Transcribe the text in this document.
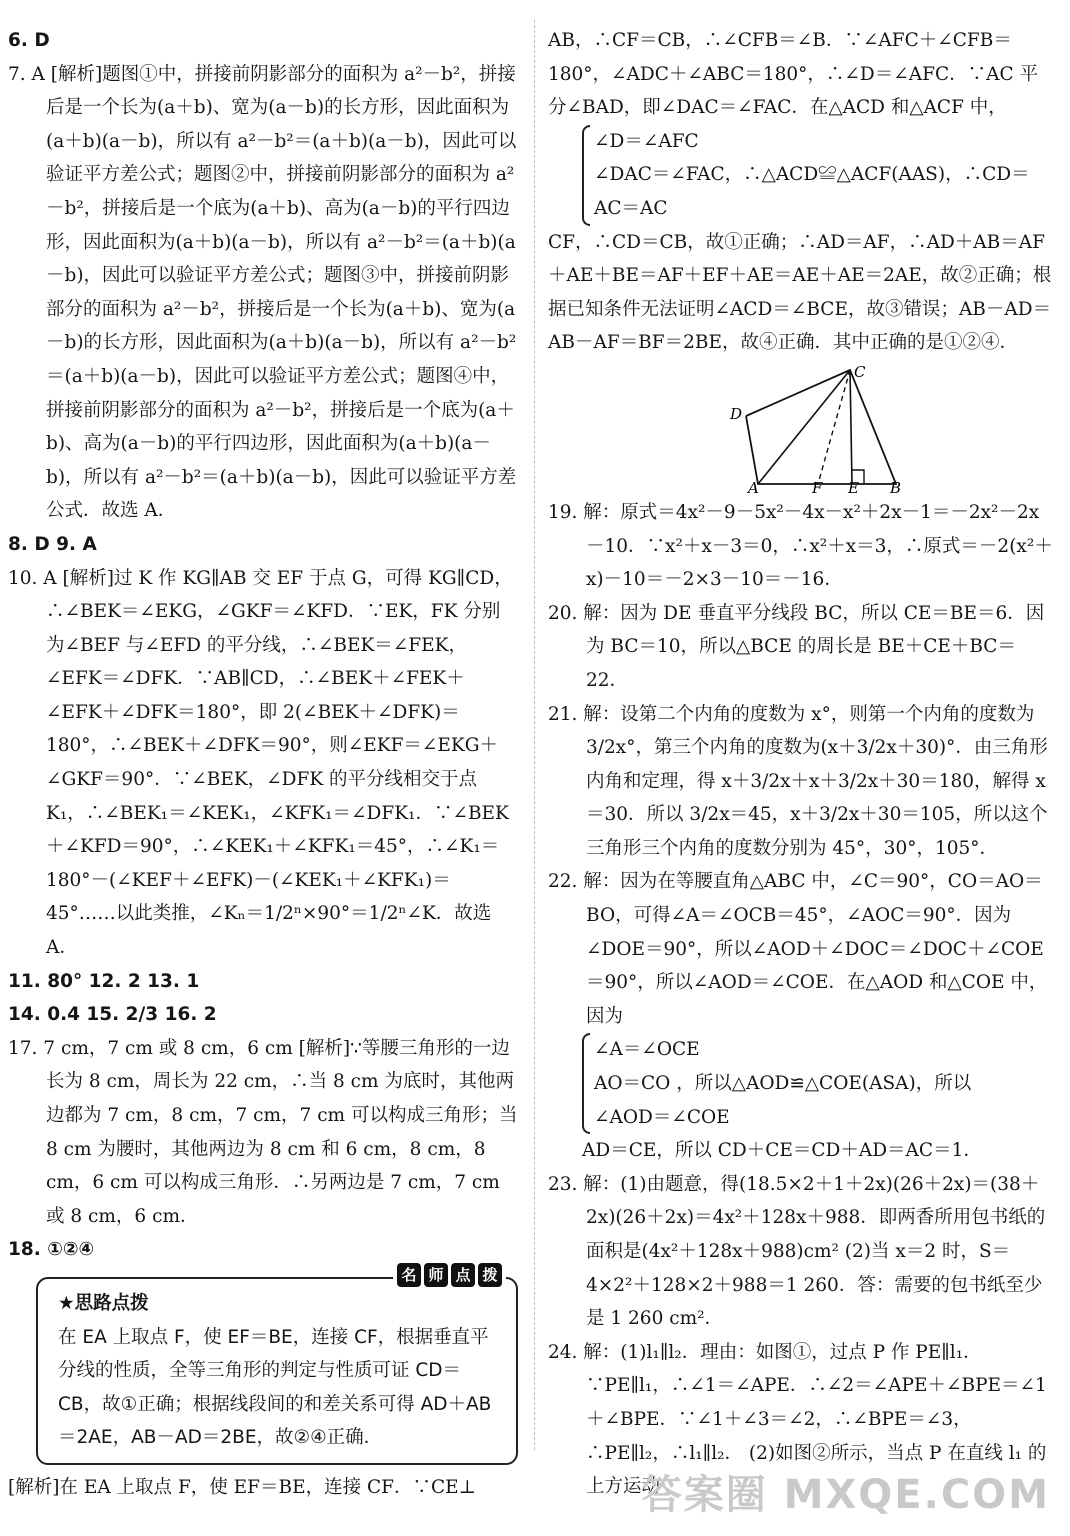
6. D

7. A [解析]题图①中，拼接前阴影部分的面积为 a²－b²，拼接后是一个长为(a＋b)、宽为(a－b)的长方形，因此面积为(a＋b)(a－b)，所以有 a²－b²＝(a＋b)(a－b)，因此可以验证平方差公式；题图②中，拼接前阴影部分的面积为 a²－b²，拼接后是一个底为(a＋b)、高为(a－b)的平行四边形，因此面积为(a＋b)(a－b)，所以有 a²－b²＝(a＋b)(a－b)，因此可以验证平方差公式；题图③中，拼接前阴影部分的面积为 a²－b²，拼接后是一个长为(a＋b)、宽为(a－b)的长方形，因此面积为(a＋b)(a－b)，所以有 a²－b²＝(a＋b)(a－b)，因此可以验证平方差公式；题图④中，拼接前阴影部分的面积为 a²－b²，拼接后是一个底为(a＋b)、高为(a－b)的平行四边形，因此面积为(a＋b)(a－b)，所以有 a²－b²＝(a＋b)(a－b)，因此可以验证平方差公式．故选 A．

8. D 9. A

10. A [解析]过 K 作 KG∥AB 交 EF 于点 G，可得 KG∥CD，∴∠BEK＝∠EKG，∠GKF＝∠KFD．∵EK，FK 分别为∠BEF 与∠EFD 的平分线，∴∠BEK＝∠FEK，∠EFK＝∠DFK．∵AB∥CD，∴∠BEK＋∠FEK＋∠EFK＋∠DFK＝180°，即 2(∠BEK＋∠DFK)＝180°，∴∠BEK＋∠DFK＝90°，则∠EKF＝∠EKG＋∠GKF＝90°．∵∠BEK，∠DFK 的平分线相交于点 K₁，∴∠BEK₁＝∠KEK₁，∠KFK₁＝∠DFK₁．∵∠BEK＋∠KFD＝90°，∴∠KEK₁＋∠KFK₁＝45°，∴∠K₁＝180°－(∠KEF＋∠EFK)－(∠KEK₁＋∠KFK₁)＝45°……以此类推，∠Kₙ＝1/2ⁿ×90°＝1/2ⁿ∠K．故选 A．

11. 80° 12. 2 13. 1

14. 0.4 15. 2/3 16. 2

17. 7 cm，7 cm 或 8 cm，6 cm [解析]∵等腰三角形的一边长为 8 cm，周长为 22 cm，∴当 8 cm 为底时，其他两边都为 7 cm，8 cm，7 cm，7 cm 可以构成三角形；当 8 cm 为腰时，其他两边为 8 cm 和 6 cm，8 cm，8 cm，6 cm 可以构成三角形．∴另两边是 7 cm，7 cm 或 8 cm，6 cm．

18. ①②④

名 师 点 拨
★思路点拨
在 EA 上取点 F，使 EF＝BE，连接 CF，根据垂直平分线的性质，全等三角形的判定与性质可证 CD＝CB，故①正确；根据线段间的和差关系可得 AD＋AB＝2AE，AB－AD＝2BE，故②④正确．

[解析]在 EA 上取点 F，使 EF＝BE，连接 CF．∵CE⊥

AB，∴CF＝CB，∴∠CFB＝∠B．∵∠AFC＋∠CFB＝180°，∠ADC＋∠ABC＝180°，∴∠D＝∠AFC．∵AC 平分∠BAD，即∠DAC＝∠FAC．在△ACD 和△ACF 中，

∠D＝∠AFC

∠DAC＝∠FAC，∴△ACD≌△ACF(AAS)，∴CD＝

AC＝AC

CF，∴CD＝CB，故①正确；∴AD＝AF，∴AD＋AB＝AF＋AE＋BE＝AF＋EF＋AE＝AE＋AE＝2AE，故②正确；根据已知条件无法证明∠ACD＝∠BCE，故③错误；AB－AD＝AB－AF＝BF＝2BE，故④正确．其中正确的是①②④．

C
D
A	F E B

19. 解：原式＝4x²－9－5x²－4x－x²＋2x－1＝－2x²－2x－10．∵x²＋x－3＝0，∴x²＋x＝3，∴原式＝－2(x²＋x)－10＝－2×3－10＝－16．

20. 解：因为 DE 垂直平分线段 BC，所以 CE＝BE＝6．因为 BC＝10，所以△BCE 的周长是 BE＋CE＋BC＝22．

21. 解：设第二个内角的度数为 x°，则第一个内角的度数为 3/2x°，第三个内角的度数为(x＋3/2x＋30)°．由三角形内角和定理，得 x＋3/2x＋x＋3/2x＋30＝180，解得 x＝30．所以 3/2x＝45，x＋3/2x＋30＝105，所以这个三角形三个内角的度数分别为 45°，30°，105°．

22. 解：因为在等腰直角△ABC 中，∠C＝90°，CO＝AO＝BO，可得∠A＝∠OCB＝45°，∠AOC＝90°．因为∠DOE＝90°，所以∠AOD＋∠DOC＝∠DOC＋∠COE＝90°，所以∠AOD＝∠COE．在△AOD 和△COE 中，因为

∠A＝∠OCE

AO＝CO ，所以△AOD≌△COE(ASA)，所以

∠AOD＝∠COE

AD＝CE，所以 CD＋CE＝CD＋AD＝AC＝1．

23. 解：(1)由题意，得(18.5×2＋1＋2x)(26＋2x)＝(38＋2x)(26＋2x)＝4x²＋128x＋988．即两香所用包书纸的面积是(4x²＋128x＋988)cm² (2)当 x＝2 时，S＝4×2²＋128×2＋988＝1 260．答：需要的包书纸至少是 1 260 cm²．

24. 解：(1)l₁∥l₂．理由：如图①，过点 P 作 PE∥l₁．∵PE∥l₁，∴∠1＝∠APE．∴∠2＝∠APE＋∠BPE＝∠1＋∠BPE．∵∠1＋∠3＝∠2，∴∠BPE＝∠3，∴PE∥l₂，∴l₁∥l₂． (2)如图②所示，当点 P 在直线 l₁ 的上方运动

答案圈 MXQE.COM
